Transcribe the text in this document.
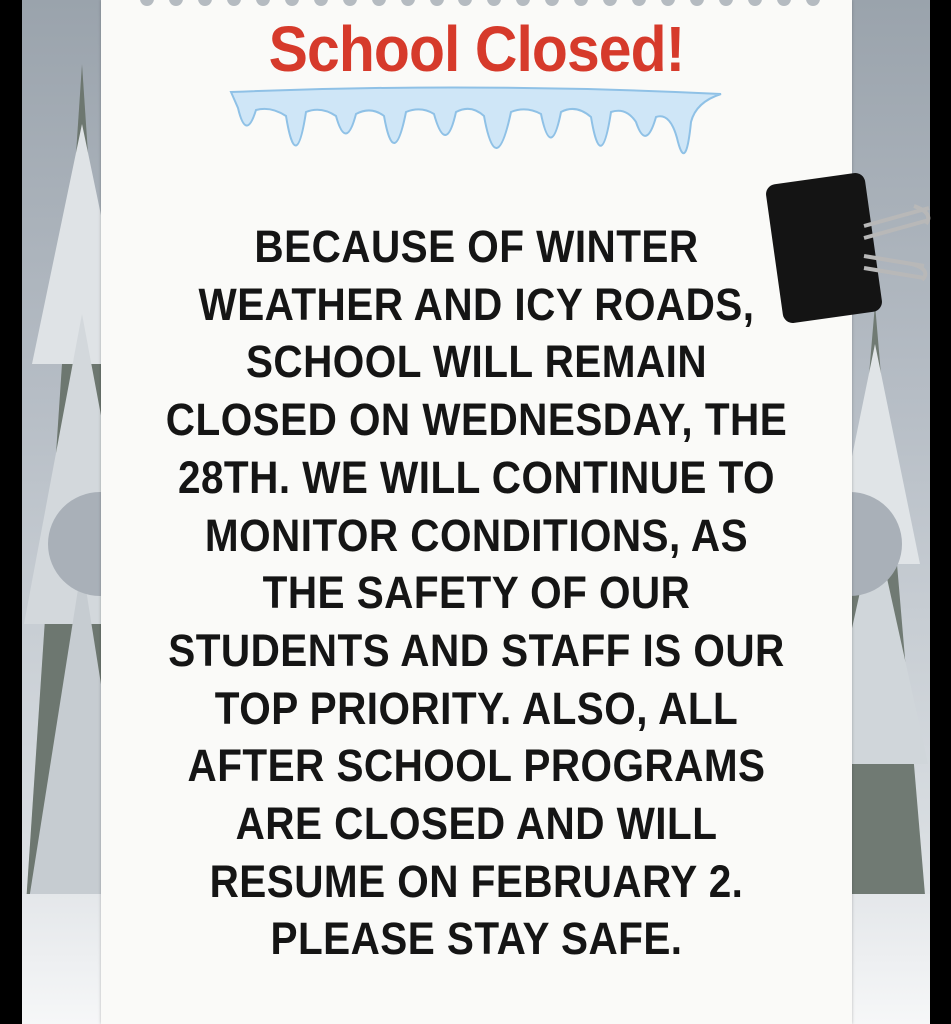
School Closed!
BECAUSE OF WINTER
WEATHER AND ICY ROADS,
SCHOOL WILL REMAIN
CLOSED ON WEDNESDAY, THE
28TH. WE WILL CONTINUE TO
MONITOR CONDITIONS, AS
THE SAFETY OF OUR
STUDENTS AND STAFF IS OUR
TOP PRIORITY. ALSO, ALL
AFTER SCHOOL PROGRAMS
ARE CLOSED AND WILL
RESUME ON FEBRUARY 2.
PLEASE STAY SAFE.
